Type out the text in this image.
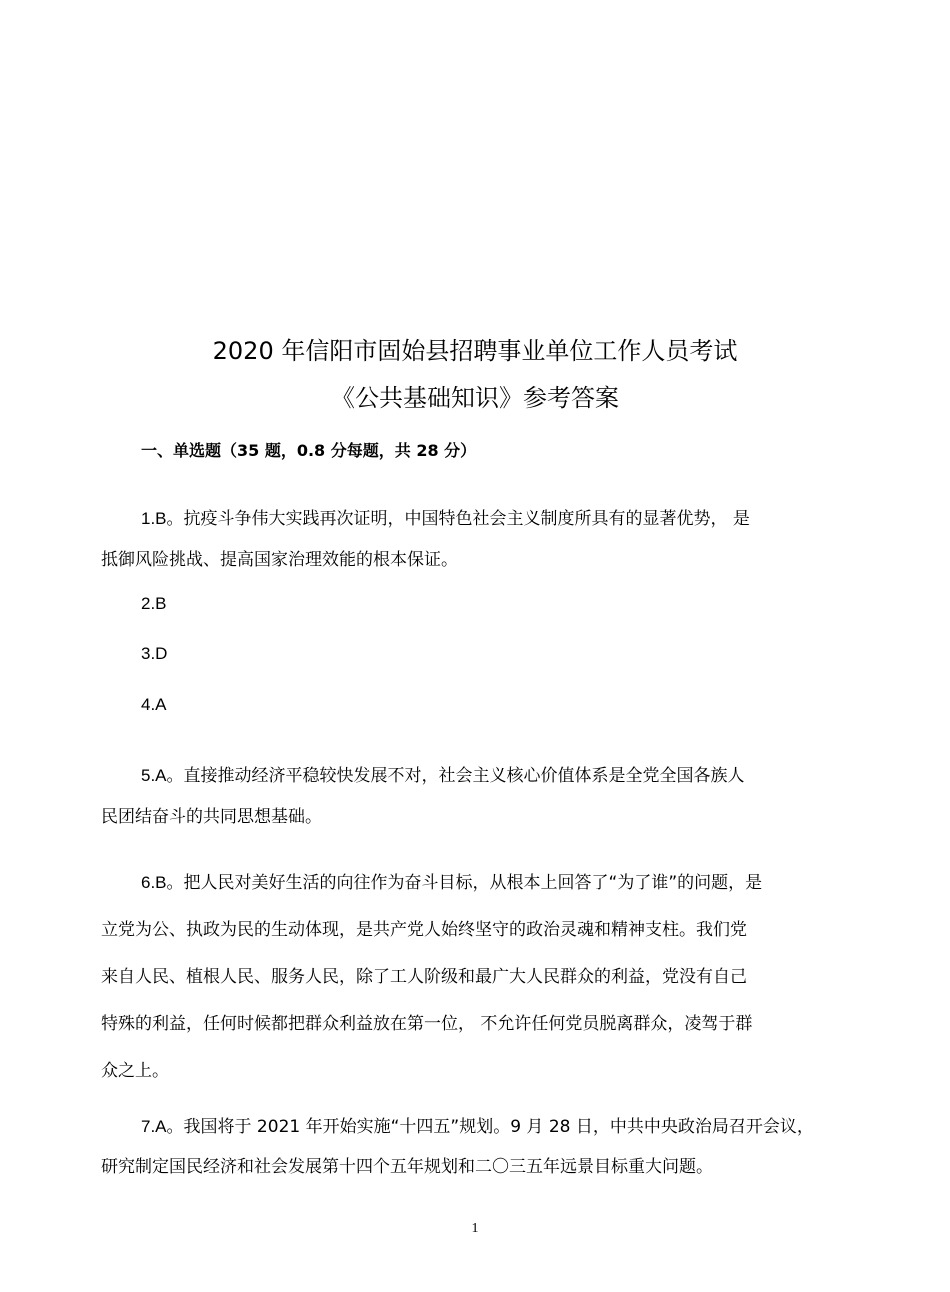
2020 年信阳市固始县招聘事业单位工作人员考试
《公共基础知识》参考答案
一、单选题（35 题，0.8 分每题，共 28 分）
1.B。抗疫斗争伟大实践再次证明，中国特色社会主义制度所具有的显著优势， 是
抵御风险挑战、提高国家治理效能的根本保证。
2.B
3.D
4.A
5.A。直接推动经济平稳较快发展不对，社会主义核心价值体系是全党全国各族人
民团结奋斗的共同思想基础。
6.B。把人民对美好生活的向往作为奋斗目标，从根本上回答了“为了谁”的问题，是
立党为公、执政为民的生动体现，是共产党人始终坚守的政治灵魂和精神支柱。我们党
来自人民、植根人民、服务人民，除了工人阶级和最广大人民群众的利益，党没有自己
特殊的利益，任何时候都把群众利益放在第一位， 不允许任何党员脱离群众，凌驾于群
众之上。
7.A。我国将于 2021 年开始实施“十四五”规划。9 月 28 日，中共中央政治局召开会议，
研究制定国民经济和社会发展第十四个五年规划和二〇三五年远景目标重大问题。
1
